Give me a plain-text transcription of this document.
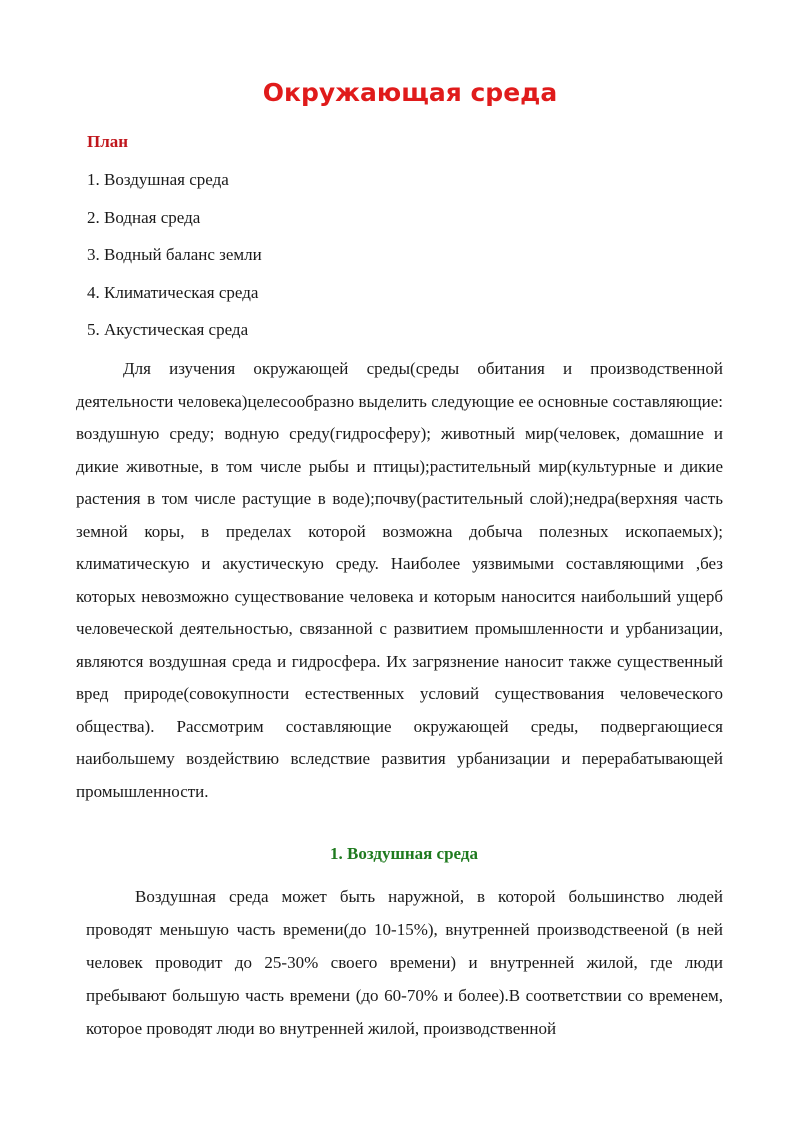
Окружающая среда
План
1. Воздушная среда
2. Водная среда
3. Водный баланс земли
4. Климатическая среда
5. Акустическая среда

Для изучения окружающей среды(среды обитания и производственной деятельности человека)целесообразно выделить следующие ее основные составляющие: воздушную среду; водную среду(гидросферу); животный мир(человек, домашние и дикие животные, в том числе рыбы и птицы);растительный мир(культурные и дикие растения в том числе растущие в воде);почву(растительный слой);недра(верхняя часть земной коры, в пределах которой возможна добыча полезных ископаемых); климатическую и акустическую среду. Наиболее уязвимыми составляющими ,без которых невозможно существование человека и которым наносится наибольший ущерб человеческой деятельностью, связанной с развитием промышленности и урбанизации, являются воздушная среда и гидросфера. Их загрязнение наносит также существенный вред природе(совокупности естественных условий существования человеческого общества). Рассмотрим составляющие окружающей среды, подвергающиеся наибольшему воздействию вследствие развития урбанизации и перерабатывающей промышленности.

1. Воздушная среда

Воздушная среда может быть наружной, в которой большинство людей проводят меньшую часть времени(до 10-15%), внутренней производствееной (в ней человек проводит до 25-30% своего времени) и внутренней жилой, где люди пребывают большую часть времени (до 60-70% и более).В соответствии со временем, которое проводят люди во внутренней жилой, производственной
